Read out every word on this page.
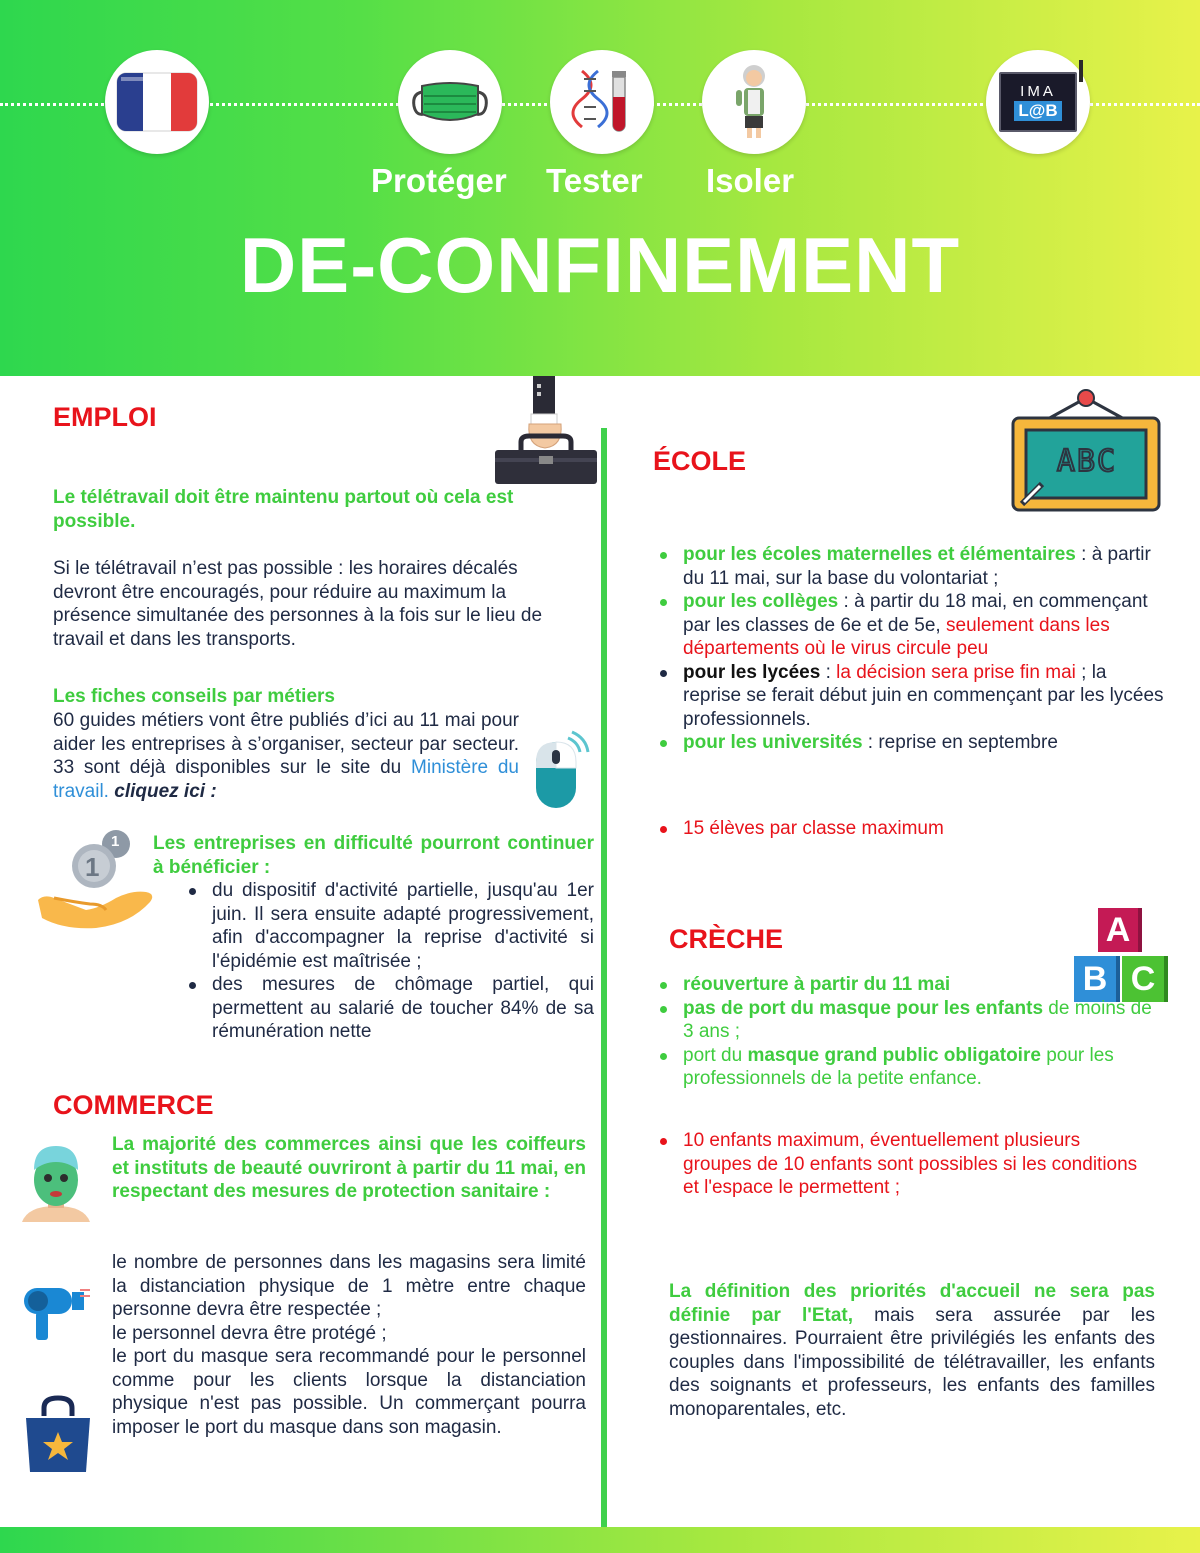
IMA
L@B
Protéger Tester Isoler
DE-CONFINEMENT
EMPLOI
Le télétravail doit être maintenu partout où cela est possible.
Si le télétravail n’est pas possible : les horaires décalés devront être encouragés, pour réduire au maximum la présence simultanée des personnes à la fois sur le lieu de travail et dans les transports.
Les fiches conseils par métiers
60 guides métiers vont être publiés d’ici au 11 mai pour aider les entreprises à s’organiser, secteur par secteur. 33 sont déjà disponibles sur le site du Ministère du travail. cliquez ici :
1
1
Les entreprises en difficulté pourront continuer à bénéficier :
du dispositif d'activité partielle, jusqu'au 1er juin. Il sera ensuite adapté progressivement, afin d'accompagner la reprise d'activité si l'épidémie est maîtrisée ;
des mesures de chômage partiel, qui permettent au salarié de toucher 84% de sa rémunération nette
COMMERCE
La majorité des commerces ainsi que les coiffeurs et instituts de beauté ouvriront à partir du 11 mai, en respectant des mesures de protection sanitaire :
le nombre de personnes dans les magasins sera limité la distanciation physique de 1 mètre entre chaque personne devra être respectée ;
le personnel devra être protégé ;
le port du masque sera recommandé pour le personnel comme pour les clients lorsque la distanciation physique n'est pas possible. Un commerçant pourra imposer le port du masque dans son magasin.
ÉCOLE	ABC
pour les écoles maternelles et élémentaires : à partir du 11 mai, sur la base du volontariat ;
pour les collèges : à partir du 18 mai, en commençant par les classes de 6e et de 5e, seulement dans les départements où le virus circule peu
pour les lycées : la décision sera prise fin mai ; la reprise se ferait début juin en commençant par les lycées professionnels.
pour les universités : reprise en septembre
15 élèves par classe maximum
CRÈCHE	A
B C
réouverture à partir du 11 mai
pas de port du masque pour les enfants de moins de 3 ans ;
port du masque grand public obligatoire pour les professionnels de la petite enfance.
10 enfants maximum, éventuellement plusieurs groupes de 10 enfants sont possibles si les conditions et l'espace le permettent ;
La définition des priorités d'accueil ne sera pas définie par l'Etat, mais sera assurée par les gestionnaires. Pourraient être privilégiés les enfants des couples dans l'impossibilité de télétravailler, les enfants des soignants et professeurs, les enfants des familles monoparentales, etc.
